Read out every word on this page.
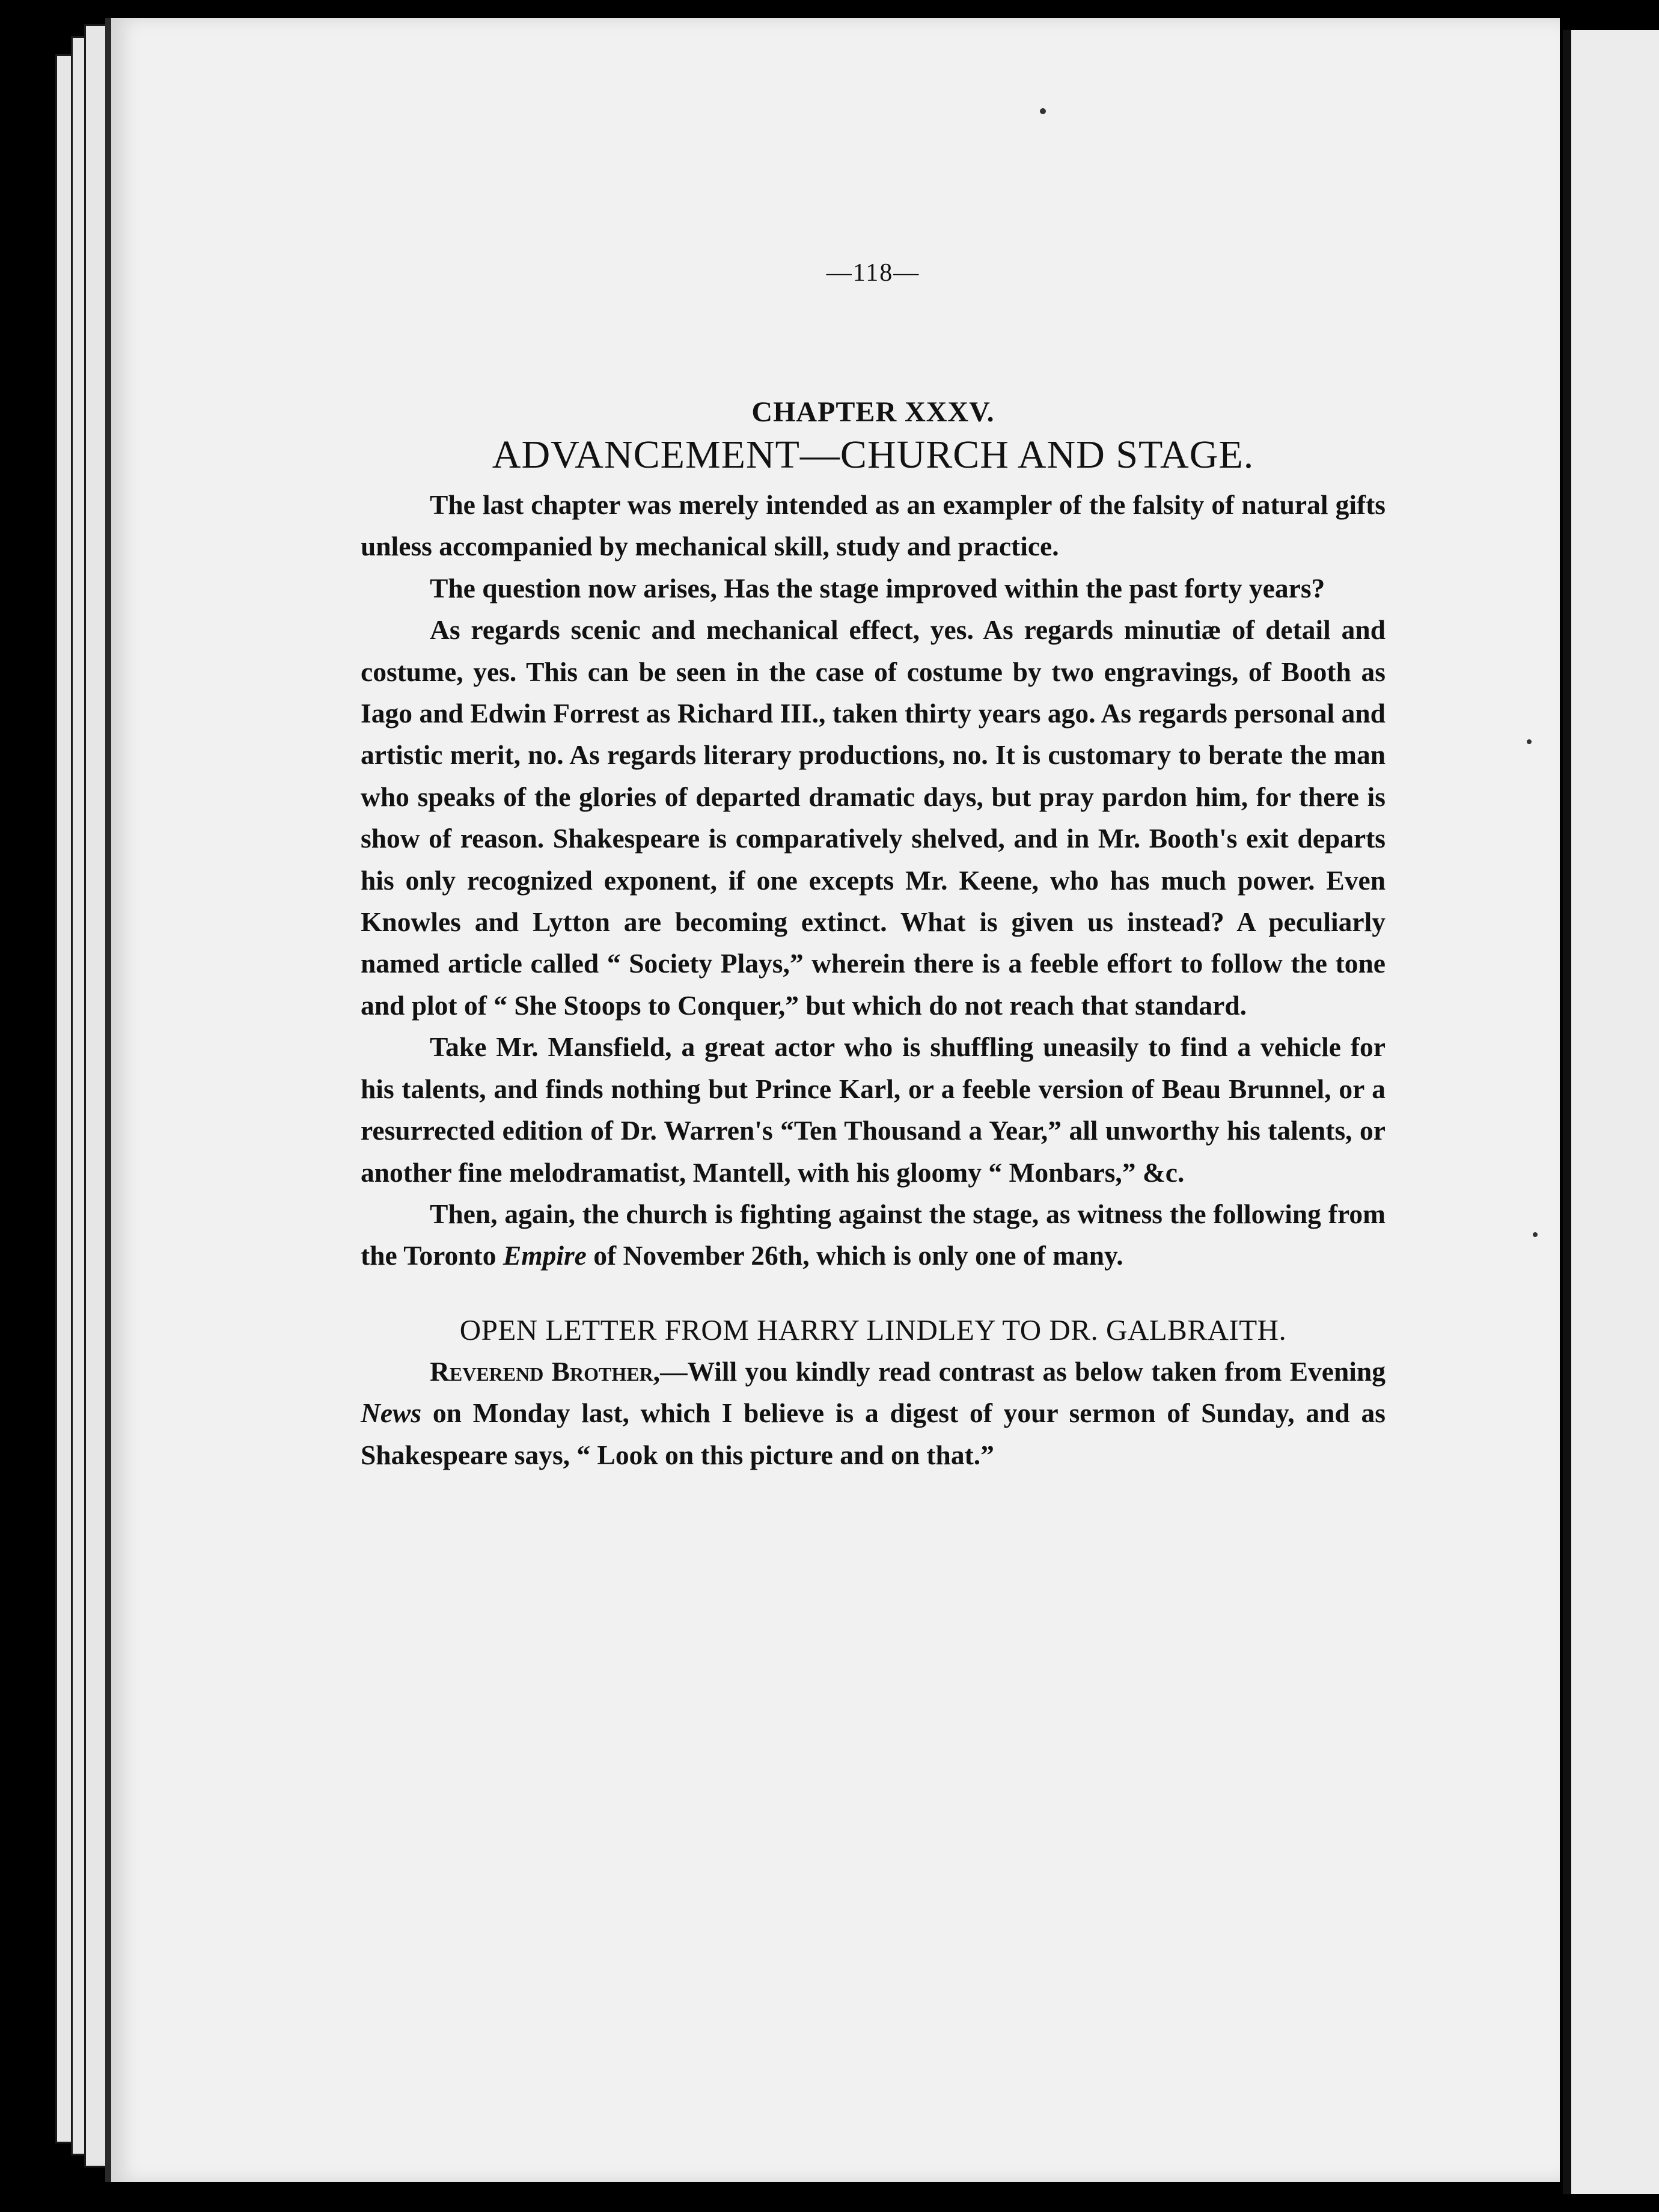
—118—
CHAPTER XXXV.
ADVANCEMENT—CHURCH AND STAGE.

The last chapter was merely intended as an exampler of the falsity of natural gifts unless accompanied by mechanical skill, study and practice.

The question now arises, Has the stage improved within the past forty years?

As regards scenic and mechanical effect, yes. As regards minutiæ of detail and costume, yes. This can be seen in the case of costume by two engravings, of Booth as Iago and Edwin Forrest as Richard III., taken thirty years ago. As regards personal and artistic merit, no. As regards literary productions, no. It is customary to berate the man who speaks of the glories of departed dramatic days, but pray pardon him, for there is show of reason. Shakespeare is comparatively shelved, and in Mr. Booth's exit departs his only recognized exponent, if one excepts Mr. Keene, who has much power. Even Knowles and Lytton are becoming extinct. What is given us instead? A peculiarly named article called “ Society Plays,” wherein there is a feeble effort to follow the tone and plot of “ She Stoops to Conquer,” but which do not reach that standard.

Take Mr. Mansfield, a great actor who is shuffling uneasily to find a vehicle for his talents, and finds nothing but Prince Karl, or a feeble version of Beau Brunnel, or a resurrected edition of Dr. Warren's “Ten Thousand a Year,” all unworthy his talents, or another fine melodramatist, Mantell, with his gloomy “ Monbars,” &c.

Then, again, the church is fighting against the stage, as witness the following from the Toronto Empire of November 26th, which is only one of many.

OPEN LETTER FROM HARRY LINDLEY TO DR. GALBRAITH.

Reverend Brother,—Will you kindly read contrast as below taken from Evening News on Monday last, which I believe is a digest of your sermon of Sunday, and as Shakespeare says, “ Look on this picture and on that.”
